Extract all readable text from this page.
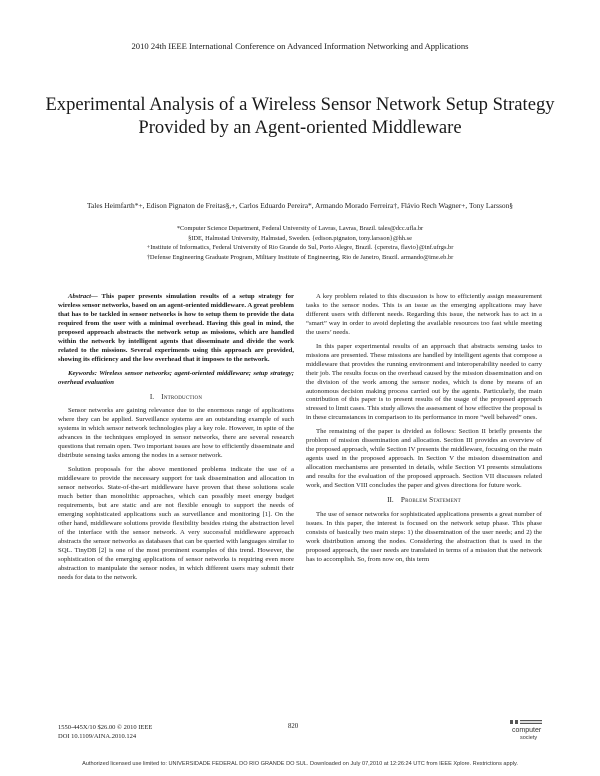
2010 24th IEEE International Conference on Advanced Information Networking and Applications
Experimental Analysis of a Wireless Sensor Network Setup Strategy Provided by an Agent-oriented Middleware
Tales Heimfarth*+, Edison Pignaton de Freitas§,+, Carlos Eduardo Pereira*, Armando Morado Ferreira†, Flávio Rech Wagner+, Tony Larsson§
*Computer Science Department, Federal University of Lavras, Lavras, Brazil. tales@dcc.ufla.br
§IDE, Halmstad University, Halmstad, Sweden. {edison.pignaton, tony.larsson}@hh.se
+Institute of Informatics, Federal University of Rio Grande do Sul, Porto Alegre, Brazil. {cpereira, flavio}@inf.ufrgs.br
†Defense Engineering Graduate Program, Military Institute of Engineering, Rio de Janeiro, Brazil. armando@ime.eb.br

Abstract— This paper presents simulation results of a setup strategy for wireless sensor networks, based on an agent-oriented middleware. A great problem that has to be tackled in sensor networks is how to setup them to provide the data required from the user with a minimal overhead. Having this goal in mind, the proposed approach abstracts the network setup as missions, which are handled within the network by intelligent agents that disseminate and divide the work related to the missions. Several experiments using this approach are provided, showing its efficiency and the low overhead that it imposes to the network.

Keywords: Wireless sensor networks; agent-oriented middleware; setup strategy; overhead evaluation

I. Introduction

Sensor networks are gaining relevance due to the enormous range of applications where they can be applied. Surveillance systems are an outstanding example of such systems in which sensor network technologies play a key role. However, in spite of the advances in the techniques employed in sensor networks, there are several research questions that remain open. Two important issues are how to efficiently disseminate and distribute sensing tasks among the nodes in a sensor network.

Solution proposals for the above mentioned problems indicate the use of a middleware to provide the necessary support for task dissemination and allocation in sensor networks. State-of-the-art middleware have proven that these solutions scale much better than monolithic approaches, which can possibly meet energy budget requirements, but are static and are not flexible enough to support the needs of emerging sophisticated applications such as surveillance and monitoring [1]. On the other hand, middleware solutions provide flexibility besides rising the abstraction level of the interface with the sensor network. A very successful middleware approach abstracts the sensor networks as databases that can be queried with languages similar to SQL. TinyDB [2] is one of the most prominent examples of this trend. However, the sophistication of the emerging applications of sensor networks is requiring even more abstraction to manipulate the sensor nodes, in which different users may submit their needs for data to the network.

A key problem related to this discussion is how to efficiently assign measurement tasks to the sensor nodes. This is an issue as the emerging applications may have different users with different needs. Regarding this issue, the network has to act in a “smart” way in order to avoid depleting the available resources too fast while meeting the users’ needs.

In this paper experimental results of an approach that abstracts sensing tasks to missions are presented. These missions are handled by intelligent agents that compose a middleware that provides the running environment and interoperability needed to carry their job. The results focus on the overhead caused by the mission dissemination and on the division of the work among the sensor nodes, which is done by means of an autonomous decision making process carried out by the agents. Particularly, the main contribution of this paper is to present results of the usage of the proposed approach stressed to limit cases. This study allows the assessment of how effective the proposal is in these circumstances in comparison to its performance in more “well behaved” ones.

The remaining of the paper is divided as follows: Section II briefly presents the problem of mission dissemination and allocation. Section III provides an overview of the proposed approach, while Section IV presents the middleware, focusing on the main agents used in the proposed approach. In Section V the mission dissemination and allocation mechanisms are presented in details, while Section VI presents simulations and results for the evaluation of the proposed approach. Section VII discusses related work, and Section VIII concludes the paper and gives directions for future work.

II. Problem Statement

The use of sensor networks for sophisticated applications presents a great number of issues. In this paper, the interest is focused on the network setup phase. This phase consists of basically two main steps: 1) the dissemination of the user needs; and 2) the work distribution among the nodes. Considering the abstraction that is used in the proposed approach, the user needs are translated in terms of a mission that the network has to accomplish. So, from now on, this term

1550-445X/10 $26.00 © 2010 IEEE
DOI 10.1109/AINA.2010.124
820
computer
society
Authorized licensed use limited to: UNIVERSIDADE FEDERAL DO RIO GRANDE DO SUL. Downloaded on July 07,2010 at 12:26:24 UTC from IEEE Xplore. Restrictions apply.
